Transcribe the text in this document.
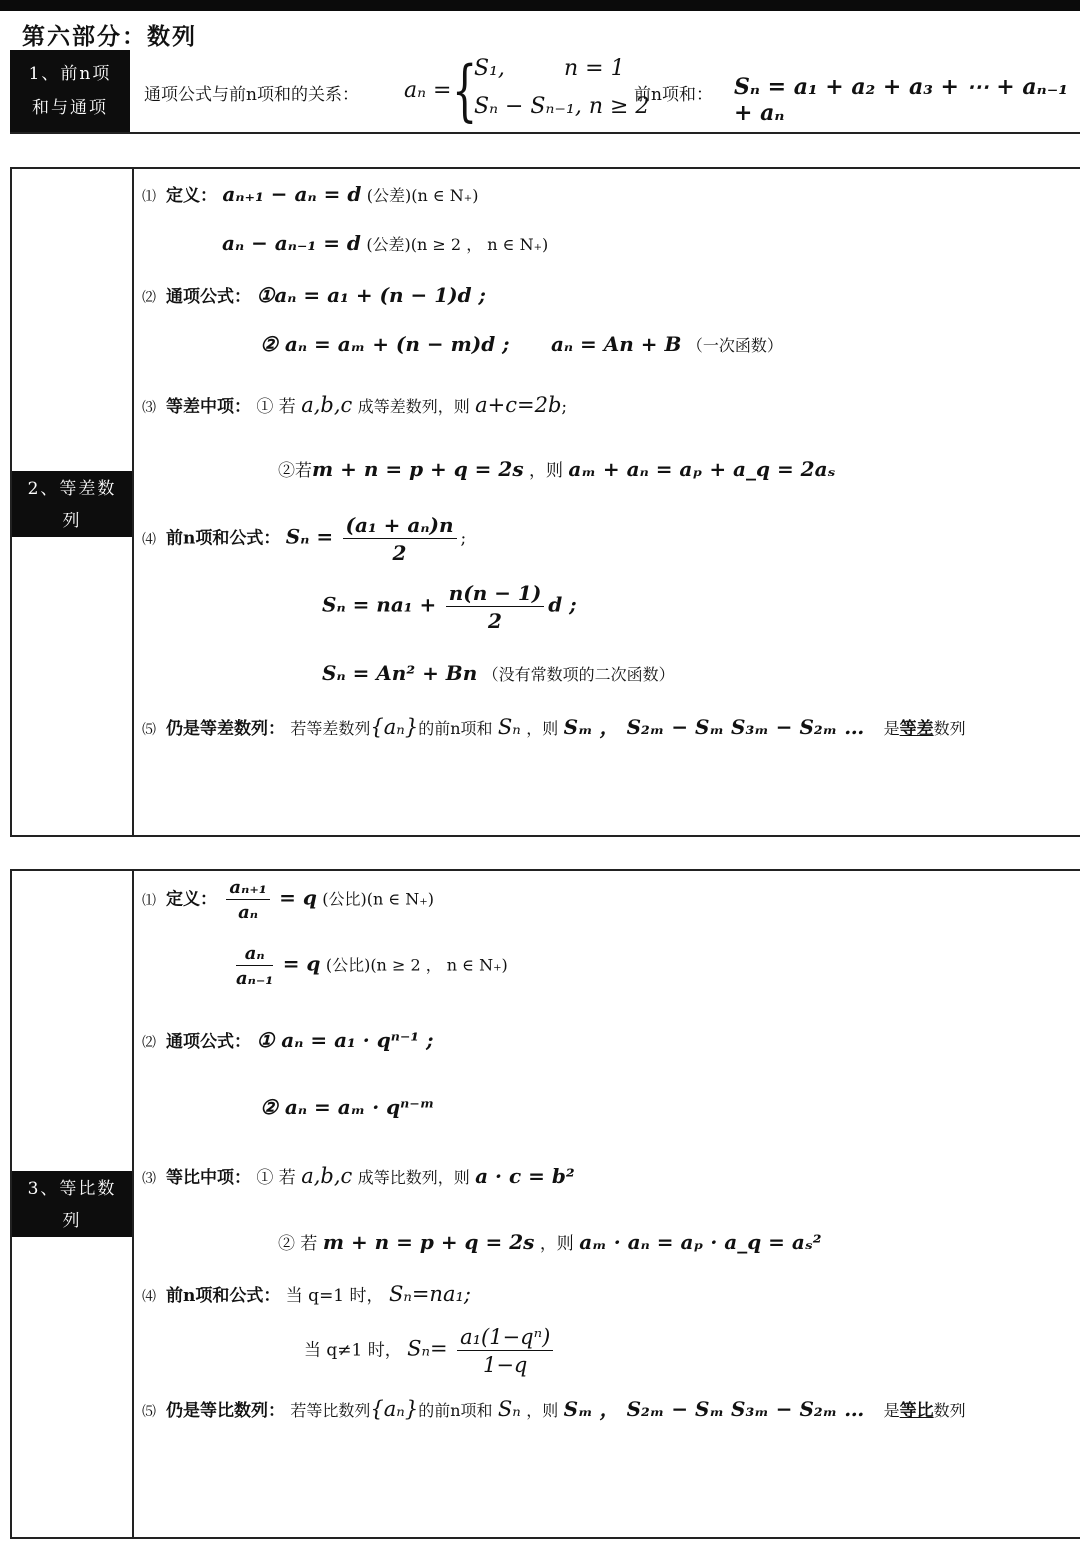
第六部分：数列
1、前n项
和与通项
通项公式与前n项和的关系： aₙ = {
S₁,	n = 1
Sₙ − Sₙ₋₁, n ≥ 2
前n项和： Sₙ = a₁ + a₂ + a₃ + ⋯ + aₙ₋₁ + aₙ
2、等差数
列
⑴ 定义： aₙ₊₁ − aₙ = d (公差)(n ∈ N₊)
aₙ − aₙ₋₁ = d (公差)(n ≥ 2 ， n ∈ N₊)
⑵ 通项公式： ①aₙ = a₁ + (n − 1)d ;
② aₙ = aₘ + (n − m)d ; aₙ = An + B （一次函数）
⑶ 等差中项： ① 若 a,b,c 成等差数列，则 a+c=2b;
②若m + n = p + q = 2s ，则 aₘ + aₙ = aₚ + a_q = 2aₛ
⑷ 前n项和公式： $S_n = \frac{\text{(a₁ + aₙ)n}}{2}$ ;
$S_n = na_1 + \frac{n(n - 1)}{2}$ d ;
Sₙ = An² + Bn （没有常数项的二次函数）
⑸ 仍是等差数列： 若等差数列{aₙ}的前n项和 Sₙ ，则 Sₘ ， S₂ₘ − Sₘ S₃ₘ − S₂ₘ … 是等差数列
3、等比数
列
⑴ 定义： $\frac{\text{aₙ₊₁}}{\text{aₙ}} = q$ (公比)(n ∈ N₊)
$\frac{\text{aₙ}}{\text{aₙ₋₁}} = q$ (公比)(n ≥ 2 ， n ∈ N₊)
⑵ 通项公式： ① aₙ = a₁ · qⁿ⁻¹ ;
② aₙ = aₘ · qⁿ⁻ᵐ
⑶ 等比中项： ① 若 a,b,c 成等比数列，则 a · c = b²
② 若 m + n = p + q = 2s ，则 aₘ · aₙ = aₚ · a_q = aₛ²
⑷ 前n项和公式： 当 q=1 时， Sₙ=na₁;
当 q≠1 时， $S_n= \frac{\text{a₁(1−qⁿ)}}{1-q}$
⑸ 仍是等比数列： 若等比数列{aₙ}的前n项和 Sₙ ，则 Sₘ ， S₂ₘ − Sₘ S₃ₘ − S₂ₘ … 是等比数列
